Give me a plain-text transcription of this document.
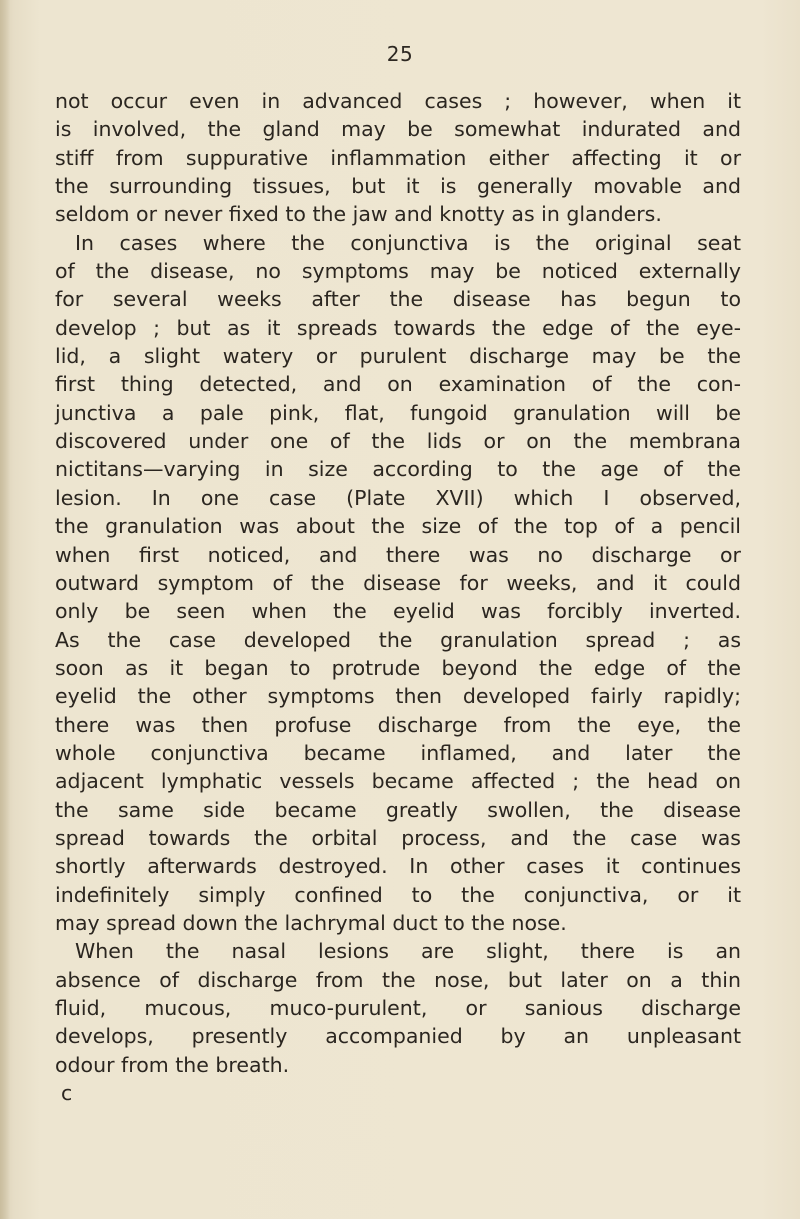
25
not occur even in advanced cases ; however, when it
is involved, the gland may be somewhat indurated and
stiff from suppurative inflammation either affecting it or
the surrounding tissues, but it is generally movable and
seldom or never fixed to the jaw and knotty as in glanders.
In cases where the conjunctiva is the original seat
of the disease, no symptoms may be noticed externally
for several weeks after the disease has begun to
develop ; but as it spreads towards the edge of the eye-
lid, a slight watery or purulent discharge may be the
first thing detected, and on examination of the con-
junctiva a pale pink, flat, fungoid granulation will be
discovered under one of the lids or on the membrana
nictitans—varying in size according to the age of the
lesion. In one case (Plate XVII) which I observed,
the granulation was about the size of the top of a pencil
when first noticed, and there was no discharge or
outward symptom of the disease for weeks, and it could
only be seen when the eyelid was forcibly inverted.
As the case developed the granulation spread ; as
soon as it began to protrude beyond the edge of the
eyelid the other symptoms then developed fairly rapidly;
there was then profuse discharge from the eye, the
whole conjunctiva became inflamed, and later the
adjacent lymphatic vessels became affected ; the head on
the same side became greatly swollen, the disease
spread towards the orbital process, and the case was
shortly afterwards destroyed. In other cases it continues
indefinitely simply confined to the conjunctiva, or it
may spread down the lachrymal duct to the nose.
When the nasal lesions are slight, there is an
absence of discharge from the nose, but later on a thin
fluid, mucous, muco-purulent, or sanious discharge
develops, presently accompanied by an unpleasant
odour from the breath.
c
